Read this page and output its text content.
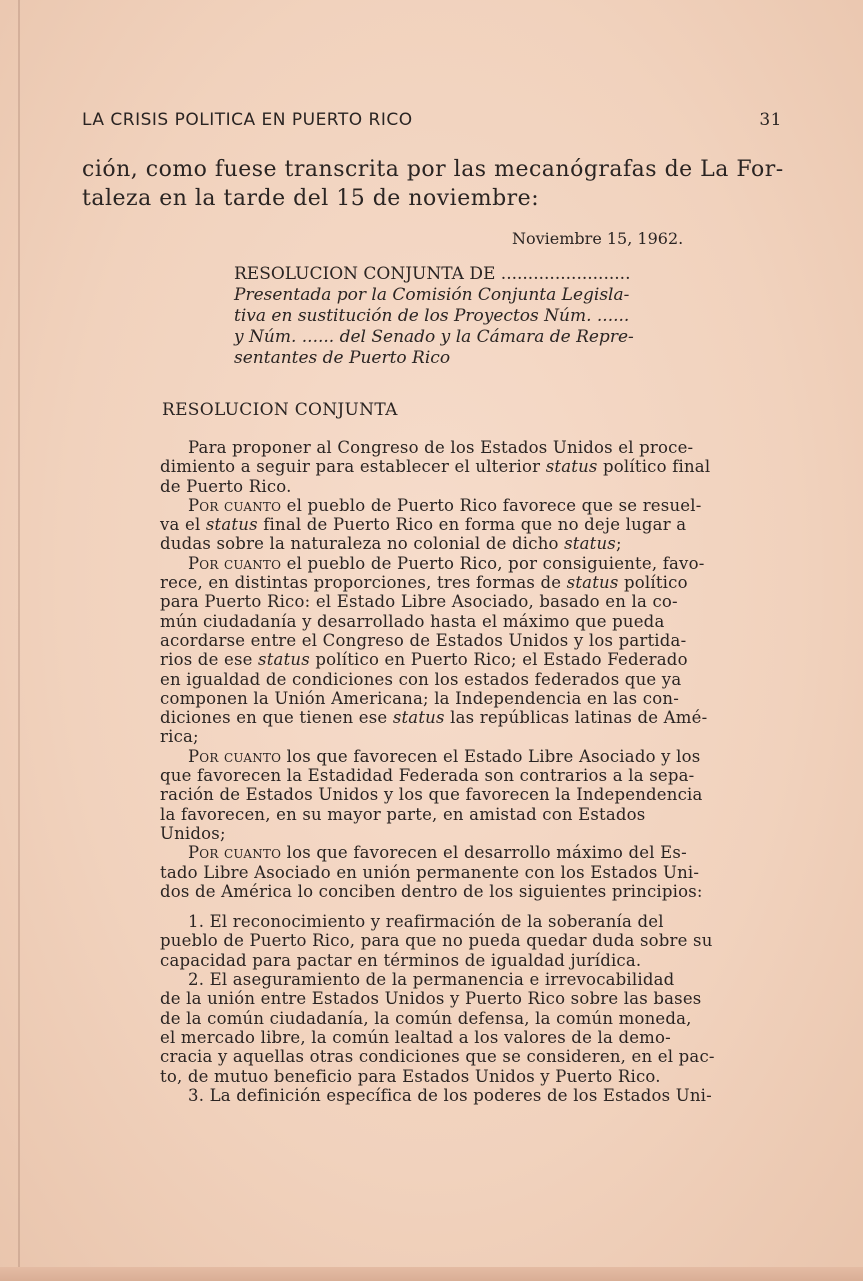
LA CRISIS POLITICA EN PUERTO RICO	31
ción, como fuese transcrita por las mecanógrafas de La For-
taleza en la tarde del 15 de noviembre:
Noviembre 15, 1962.
RESOLUCION CONJUNTA DE ........................
Presentada por la Comisión Conjunta Legisla-
tiva en sustitución de los Proyectos Núm. ......
y Núm. ...... del Senado y la Cámara de Repre-
sentantes de Puerto Rico
RESOLUCION CONJUNTA
Para proponer al Congreso de los Estados Unidos el proce-
dimiento a seguir para establecer el ulterior status político final
de Puerto Rico.
Por cuanto el pueblo de Puerto Rico favorece que se resuel-
va el status final de Puerto Rico en forma que no deje lugar a
dudas sobre la naturaleza no colonial de dicho status;
Por cuanto el pueblo de Puerto Rico, por consiguiente, favo-
rece, en distintas proporciones, tres formas de status político
para Puerto Rico: el Estado Libre Asociado, basado en la co-
mún ciudadanía y desarrollado hasta el máximo que pueda
acordarse entre el Congreso de Estados Unidos y los partida-
rios de ese status político en Puerto Rico; el Estado Federado
en igualdad de condiciones con los estados federados que ya
componen la Unión Americana; la Independencia en las con-
diciones en que tienen ese status las repúblicas latinas de Amé-
rica;
Por cuanto los que favorecen el Estado Libre Asociado y los
que favorecen la Estadidad Federada son contrarios a la sepa-
ración de Estados Unidos y los que favorecen la Independencia
la favorecen, en su mayor parte, en amistad con Estados
Unidos;
Por cuanto los que favorecen el desarrollo máximo del Es-
tado Libre Asociado en unión permanente con los Estados Uni-
dos de América lo conciben dentro de los siguientes principios:
1. El reconocimiento y reafirmación de la soberanía del
pueblo de Puerto Rico, para que no pueda quedar duda sobre su
capacidad para pactar en términos de igualdad jurídica.
2. El aseguramiento de la permanencia e irrevocabilidad
de la unión entre Estados Unidos y Puerto Rico sobre las bases
de la común ciudadanía, la común defensa, la común moneda,
el mercado libre, la común lealtad a los valores de la demo-
cracia y aquellas otras condiciones que se consideren, en el pac-
to, de mutuo beneficio para Estados Unidos y Puerto Rico.
3. La definición específica de los poderes de los Estados Uni-
